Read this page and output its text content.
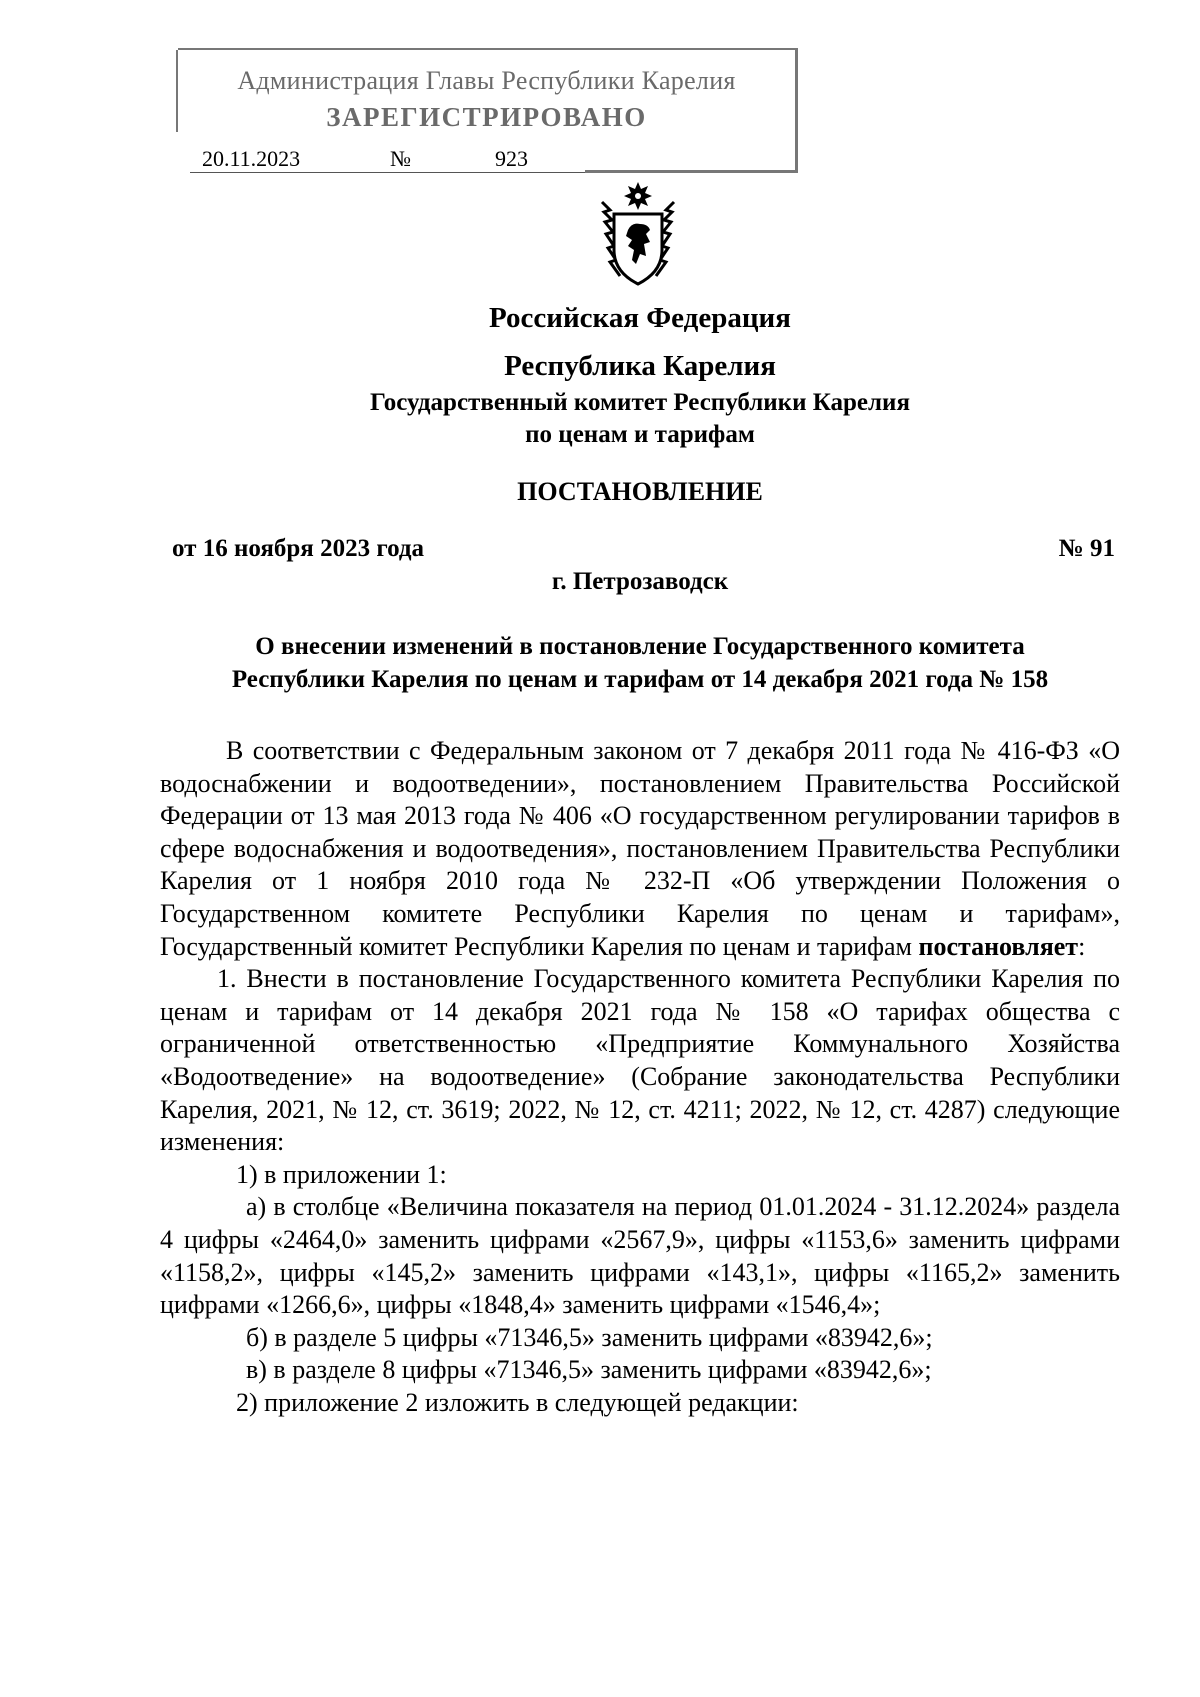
Администрация Главы Республики Карелия
ЗАРЕГИСТРИРОВАНО
20.11.2023	№	923
Российская Федерация
Республика Карелия
Государственный комитет Республики Карелия
по ценам и тарифам
ПОСТАНОВЛЕНИЕ
от 16 ноября 2023 года	№ 91
г. Петрозаводск
О внесении изменений в постановление Государственного комитета
Республики Карелия по ценам и тарифам от 14 декабря 2021 года № 158

В соответствии с Федеральным законом от 7 декабря 2011 года № 416-ФЗ «О водоснабжении и водоотведении», постановлением Правительства Российской Федерации от 13 мая 2013 года № 406 «О государственном регулировании тарифов в сфере водоснабжения и водоотведения», постановлением Правительства Республики Карелия от 1 ноября 2010 года № 232-П «Об утверждении Положения о Государственном комитете Республики Карелия по ценам и тарифам», Государственный комитет Республики Карелия по ценам и тарифам постановляет:

1. Внести в постановление Государственного комитета Республики Карелия по ценам и тарифам от 14 декабря 2021 года № 158 «О тарифах общества с ограниченной ответственностью «Предприятие Коммунального Хозяйства «Водоотведение» на водоотведение» (Собрание законодательства Республики Карелия, 2021, № 12, ст. 3619; 2022, № 12, ст. 4211; 2022, № 12, ст. 4287) следующие изменения:

1) в приложении 1:

а) в столбце «Величина показателя на период 01.01.2024 - 31.12.2024» раздела 4 цифры «2464,0» заменить цифрами «2567,9», цифры «1153,6» заменить цифрами «1158,2», цифры «145,2» заменить цифрами «143,1», цифры «1165,2» заменить цифрами «1266,6», цифры «1848,4» заменить цифрами «1546,4»;

б) в разделе 5 цифры «71346,5» заменить цифрами «83942,6»;

в) в разделе 8 цифры «71346,5» заменить цифрами «83942,6»;

2) приложение 2 изложить в следующей редакции:
